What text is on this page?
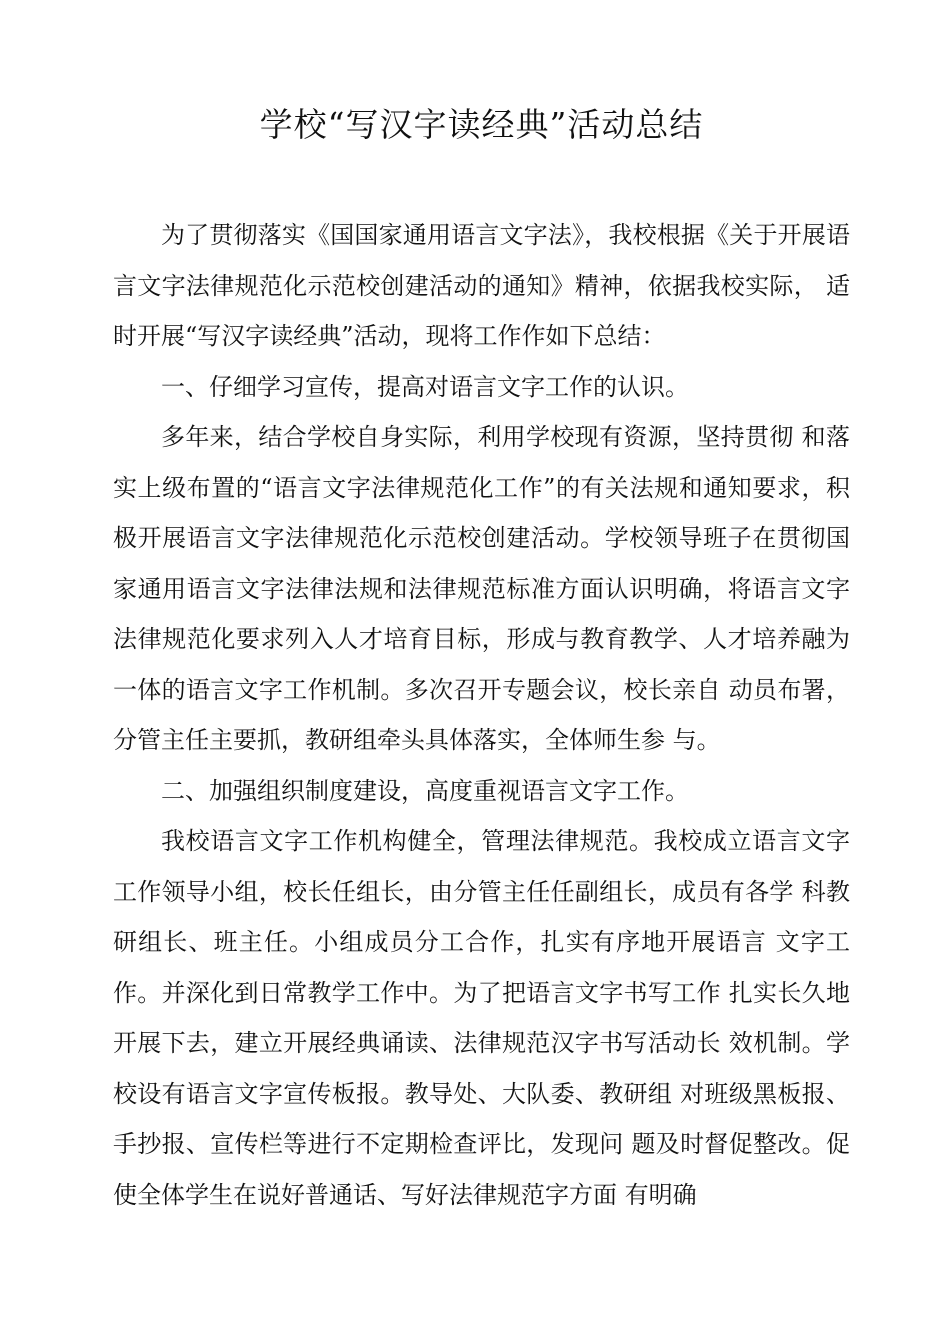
学校“写汉字读经典”活动总结

为了贯彻落实《国国家通用语言文字法》，我校根据《关于开展语言文字法律规范化示范校创建活动的通知》精神，依据我校实际， 适时开展“写汉字读经典”活动，现将工作作如下总结：

一、仔细学习宣传，提高对语言文字工作的认识。

多年来，结合学校自身实际，利用学校现有资源，坚持贯彻 和落实上级布置的“语言文字法律规范化工作”的有关法规和通知要求，积极开展语言文字法律规范化示范校创建活动。学校领导班子在贯彻国家通用语言文字法律法规和法律规范标准方面认识明确，将语言文字法律规范化要求列入人才培育目标，形成与教育教学、人才培养融为一体的语言文字工作机制。多次召开专题会议，校长亲自 动员布署，分管主任主要抓，教研组牵头具体落实，全体师生参 与。

二、加强组织制度建设，高度重视语言文字工作。

我校语言文字工作机构健全，管理法律规范。我校成立语言文字工作领导小组，校长任组长，由分管主任任副组长，成员有各学 科教研组长、班主任。小组成员分工合作，扎实有序地开展语言 文字工作。并深化到日常教学工作中。为了把语言文字书写工作 扎实长久地开展下去，建立开展经典诵读、法律规范汉字书写活动长 效机制。学校设有语言文字宣传板报。教导处、大队委、教研组 对班级黑板报、手抄报、宣传栏等进行不定期检查评比，发现问 题及时督促整改。促使全体学生在说好普通话、写好法律规范字方面 有明确
